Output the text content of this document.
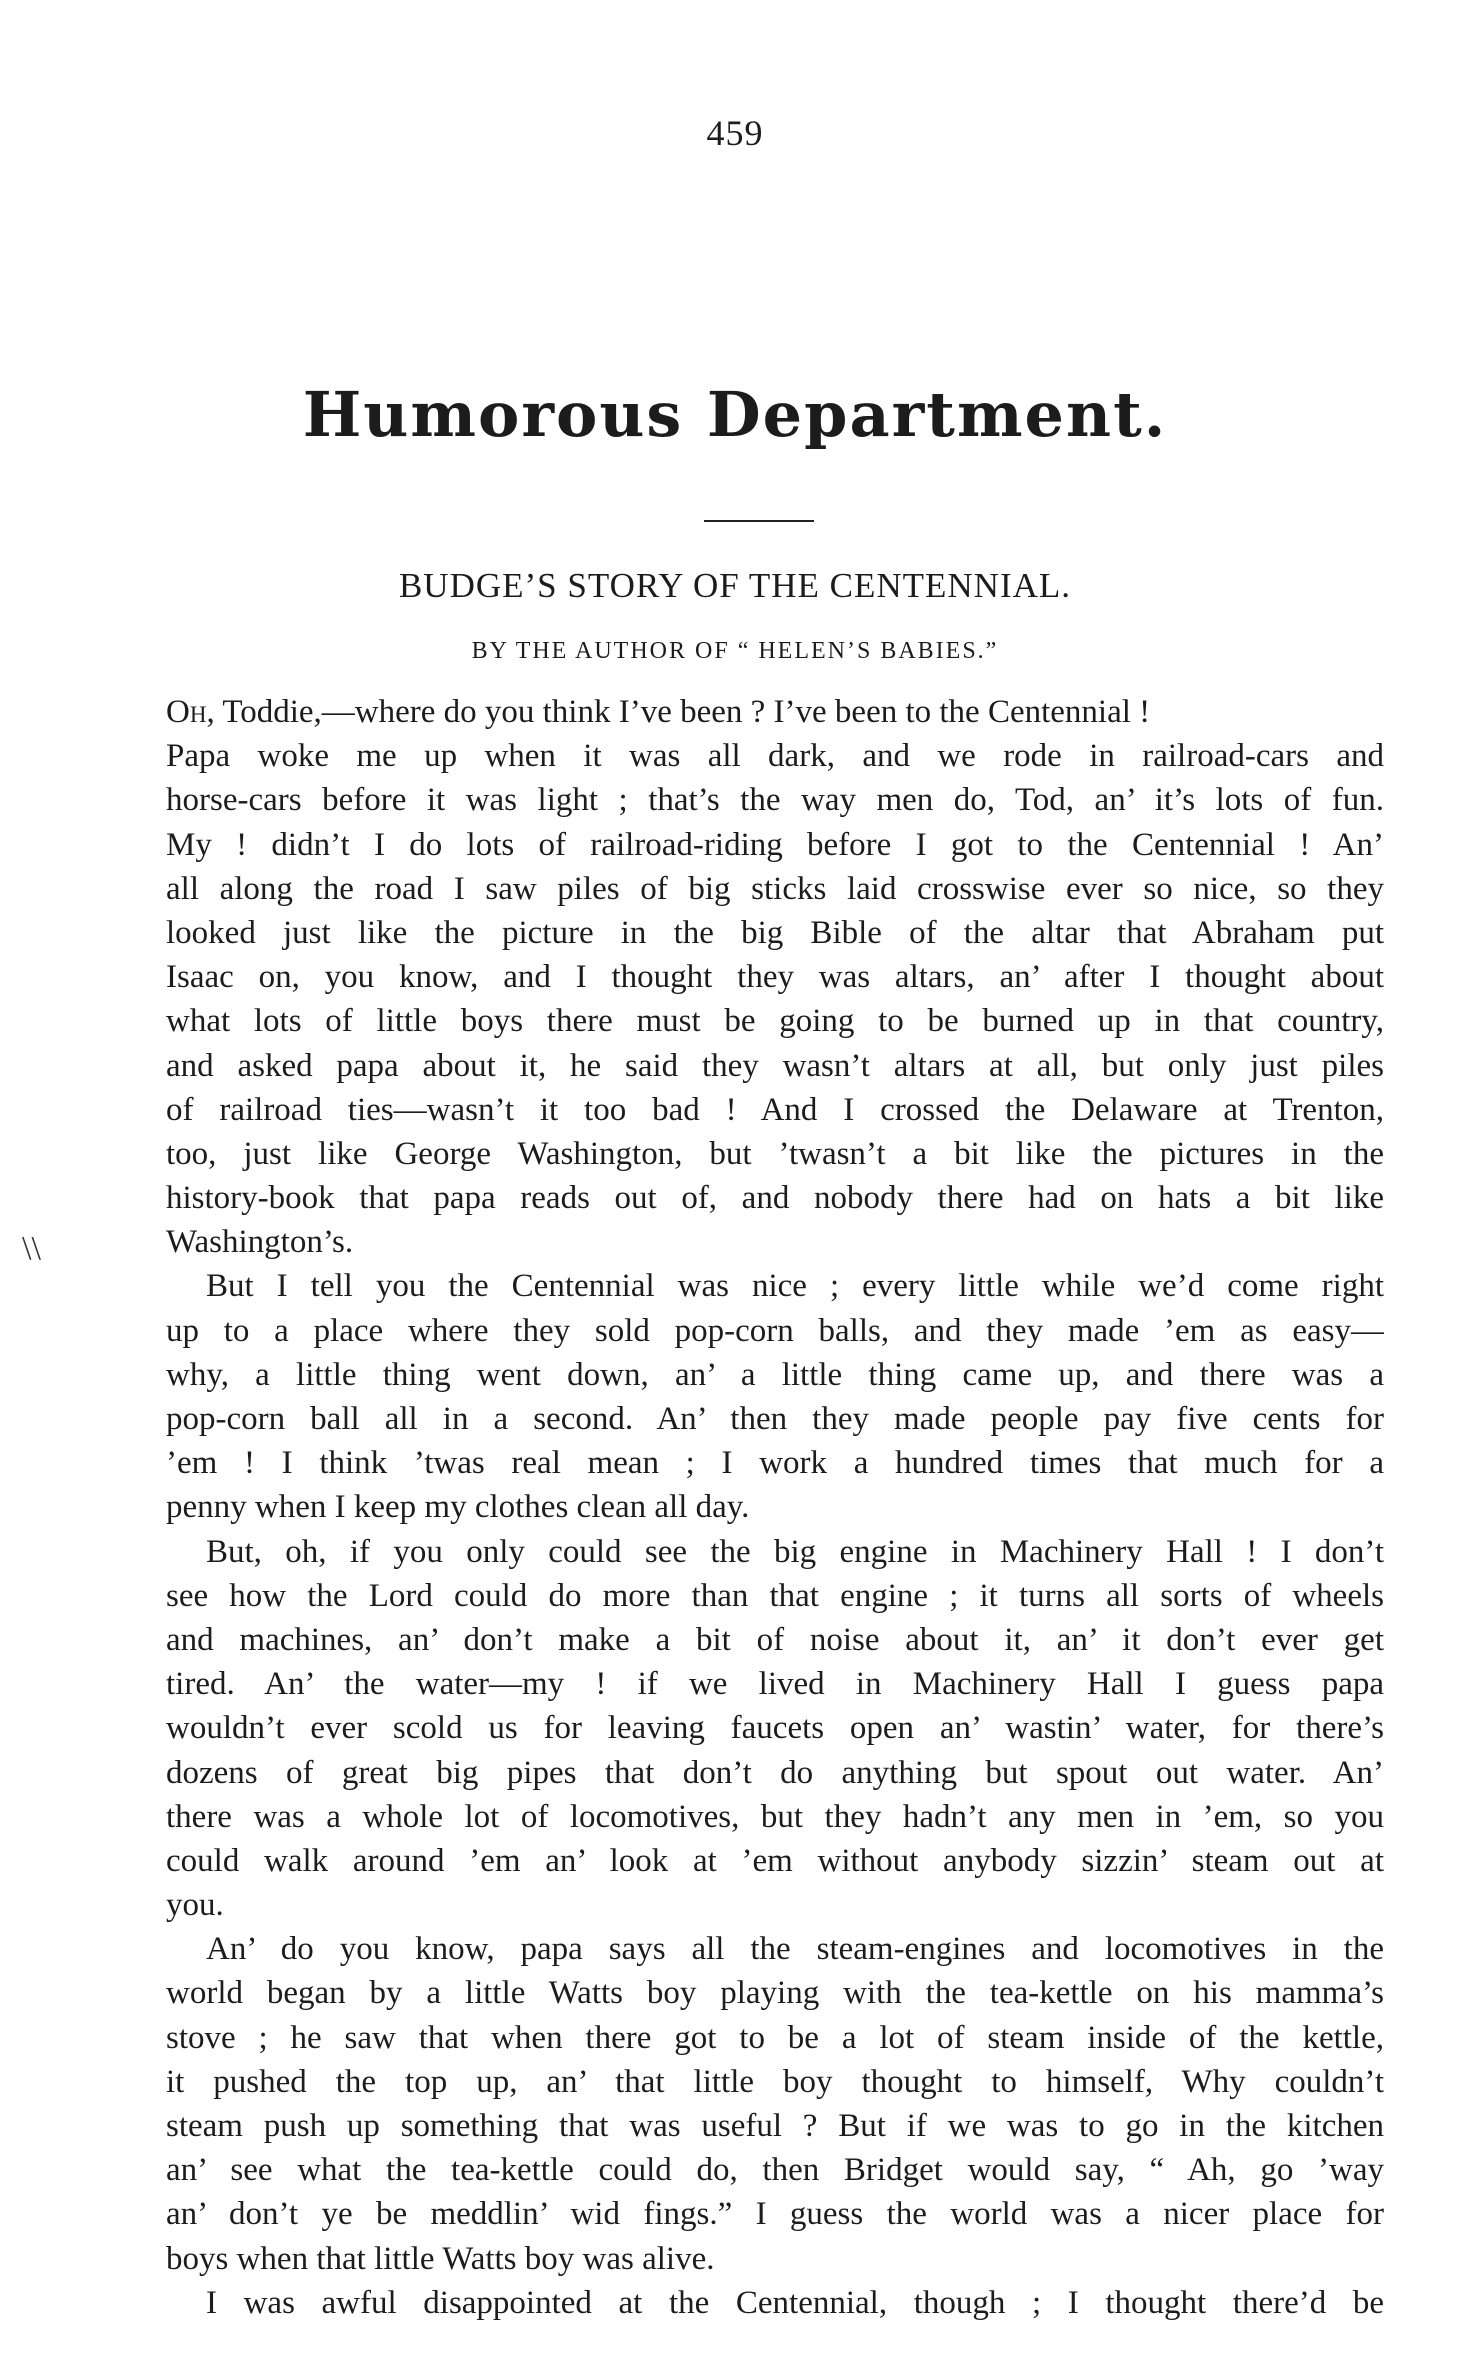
459
Humorous Department.
BUDGE’S STORY OF THE CENTENNIAL.
BY THE AUTHOR OF “ HELEN’S BABIES.”
\\
Oh, Toddie,—where do you think I’ve been ? I’ve been to the Centennial !
Papa woke me up when it was all dark, and we rode in railroad-cars and
horse-cars before it was light ; that’s the way men do, Tod, an’ it’s lots of fun.
My ! didn’t I do lots of railroad-riding before I got to the Centennial ! An’
all along the road I saw piles of big sticks laid crosswise ever so nice, so they
looked just like the picture in the big Bible of the altar that Abraham put
Isaac on, you know, and I thought they was altars, an’ after I thought about
what lots of little boys there must be going to be burned up in that country,
and asked papa about it, he said they wasn’t altars at all, but only just piles
of railroad ties—wasn’t it too bad ! And I crossed the Delaware at Trenton,
too, just like George Washington, but ’twasn’t a bit like the pictures in the
history-book that papa reads out of, and nobody there had on hats a bit like
Washington’s.
But I tell you the Centennial was nice ; every little while we’d come right
up to a place where they sold pop-corn balls, and they made ’em as easy—
why, a little thing went down, an’ a little thing came up, and there was a
pop-corn ball all in a second. An’ then they made people pay five cents for
’em ! I think ’twas real mean ; I work a hundred times that much for a
penny when I keep my clothes clean all day.
But, oh, if you only could see the big engine in Machinery Hall ! I don’t
see how the Lord could do more than that engine ; it turns all sorts of wheels
and machines, an’ don’t make a bit of noise about it, an’ it don’t ever get
tired. An’ the water—my ! if we lived in Machinery Hall I guess papa
wouldn’t ever scold us for leaving faucets open an’ wastin’ water, for there’s
dozens of great big pipes that don’t do anything but spout out water. An’
there was a whole lot of locomotives, but they hadn’t any men in ’em, so you
could walk around ’em an’ look at ’em without anybody sizzin’ steam out at
you.
An’ do you know, papa says all the steam-engines and locomotives in the
world began by a little Watts boy playing with the tea-kettle on his mamma’s
stove ; he saw that when there got to be a lot of steam inside of the kettle,
it pushed the top up, an’ that little boy thought to himself, Why couldn’t
steam push up something that was useful ? But if we was to go in the kitchen
an’ see what the tea-kettle could do, then Bridget would say, “ Ah, go ’way
an’ don’t ye be meddlin’ wid fings.” I guess the world was a nicer place for
boys when that little Watts boy was alive.
I was awful disappointed at the Centennial, though ; I thought there’d be
